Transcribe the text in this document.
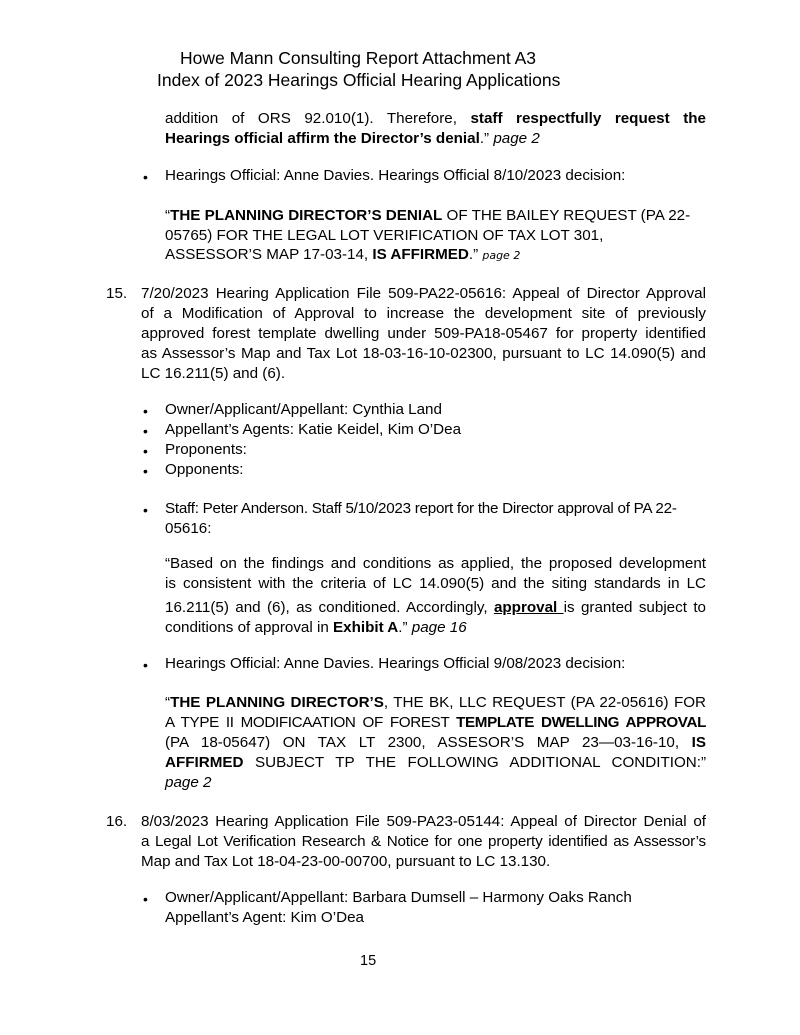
Howe Mann Consulting Report Attachment A3
Index of 2023 Hearings Official Hearing Applications
addition of ORS 92.010(1). Therefore, staff respectfully request the
Hearings official affirm the Director’s denial.” page 2
• Hearings Official: Anne Davies. Hearings Official 8/10/2023 decision:
“THE PLANNING DIRECTOR’S DENIAL OF THE BAILEY REQUEST (PA 22-
05765) FOR THE LEGAL LOT VERIFICATION OF TAX LOT 301,
ASSESSOR’S MAP 17-03-14, IS AFFIRMED.” page 2
15. 7/20/2023 Hearing Application File 509-PA22-05616: Appeal of Director Approval
of a Modification of Approval to increase the development site of previously
approved forest template dwelling under 509-PA18-05467 for property identified
as Assessor’s Map and Tax Lot 18-03-16-10-02300, pursuant to LC 14.090(5) and
LC 16.211(5) and (6).
• Owner/Applicant/Appellant: Cynthia Land
• Appellant’s Agents: Katie Keidel, Kim O’Dea
• Proponents:
• Opponents:
• Staff: Peter Anderson. Staff 5/10/2023 report for the Director approval of PA 22-
05616:
“Based on the findings and conditions as applied, the proposed development
is consistent with the criteria of LC 14.090(5) and the siting standards in LC
16.211(5) and (6), as conditioned. Accordingly, approval is granted subject to
conditions of approval in Exhibit A.” page 16
• Hearings Official: Anne Davies. Hearings Official 9/08/2023 decision:
“THE PLANNING DIRECTOR’S, THE BK, LLC REQUEST (PA 22-05616) FOR
A TYPE II MODIFICAATION OF FOREST TEMPLATE DWELLING APPROVAL
(PA 18-05647) ON TAX LT 2300, ASSESOR’S MAP 23—03-16-10, IS
AFFIRMED SUBJECT TP THE FOLLOWING ADDITIONAL CONDITION:”
page 2
16. 8/03/2023 Hearing Application File 509-PA23-05144: Appeal of Director Denial of
a Legal Lot Verification Research & Notice for one property identified as Assessor’s
Map and Tax Lot 18-04-23-00-00700, pursuant to LC 13.130.
• Owner/Applicant/Appellant: Barbara Dumsell – Harmony Oaks Ranch
Appellant’s Agent: Kim O’Dea
15
